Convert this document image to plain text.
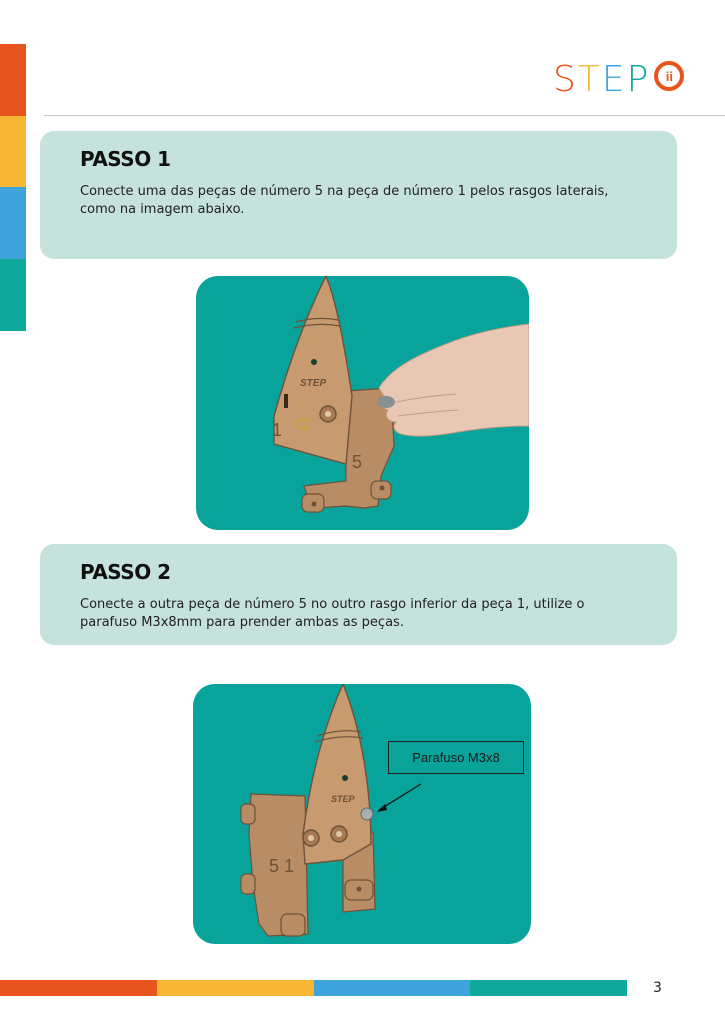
STEP ii
PASSO 1

Conecte uma das peças de número 5 na peça de número 1 pelos rasgos laterais, como na imagem abaixo.

STEP
1
5
PASSO 2

Conecte a outra peça de número 5 no outro rasgo inferior da peça 1, utilize o parafuso M3x8mm para prender ambas as peças.

STEP
5 1
Parafuso M3x8
3
